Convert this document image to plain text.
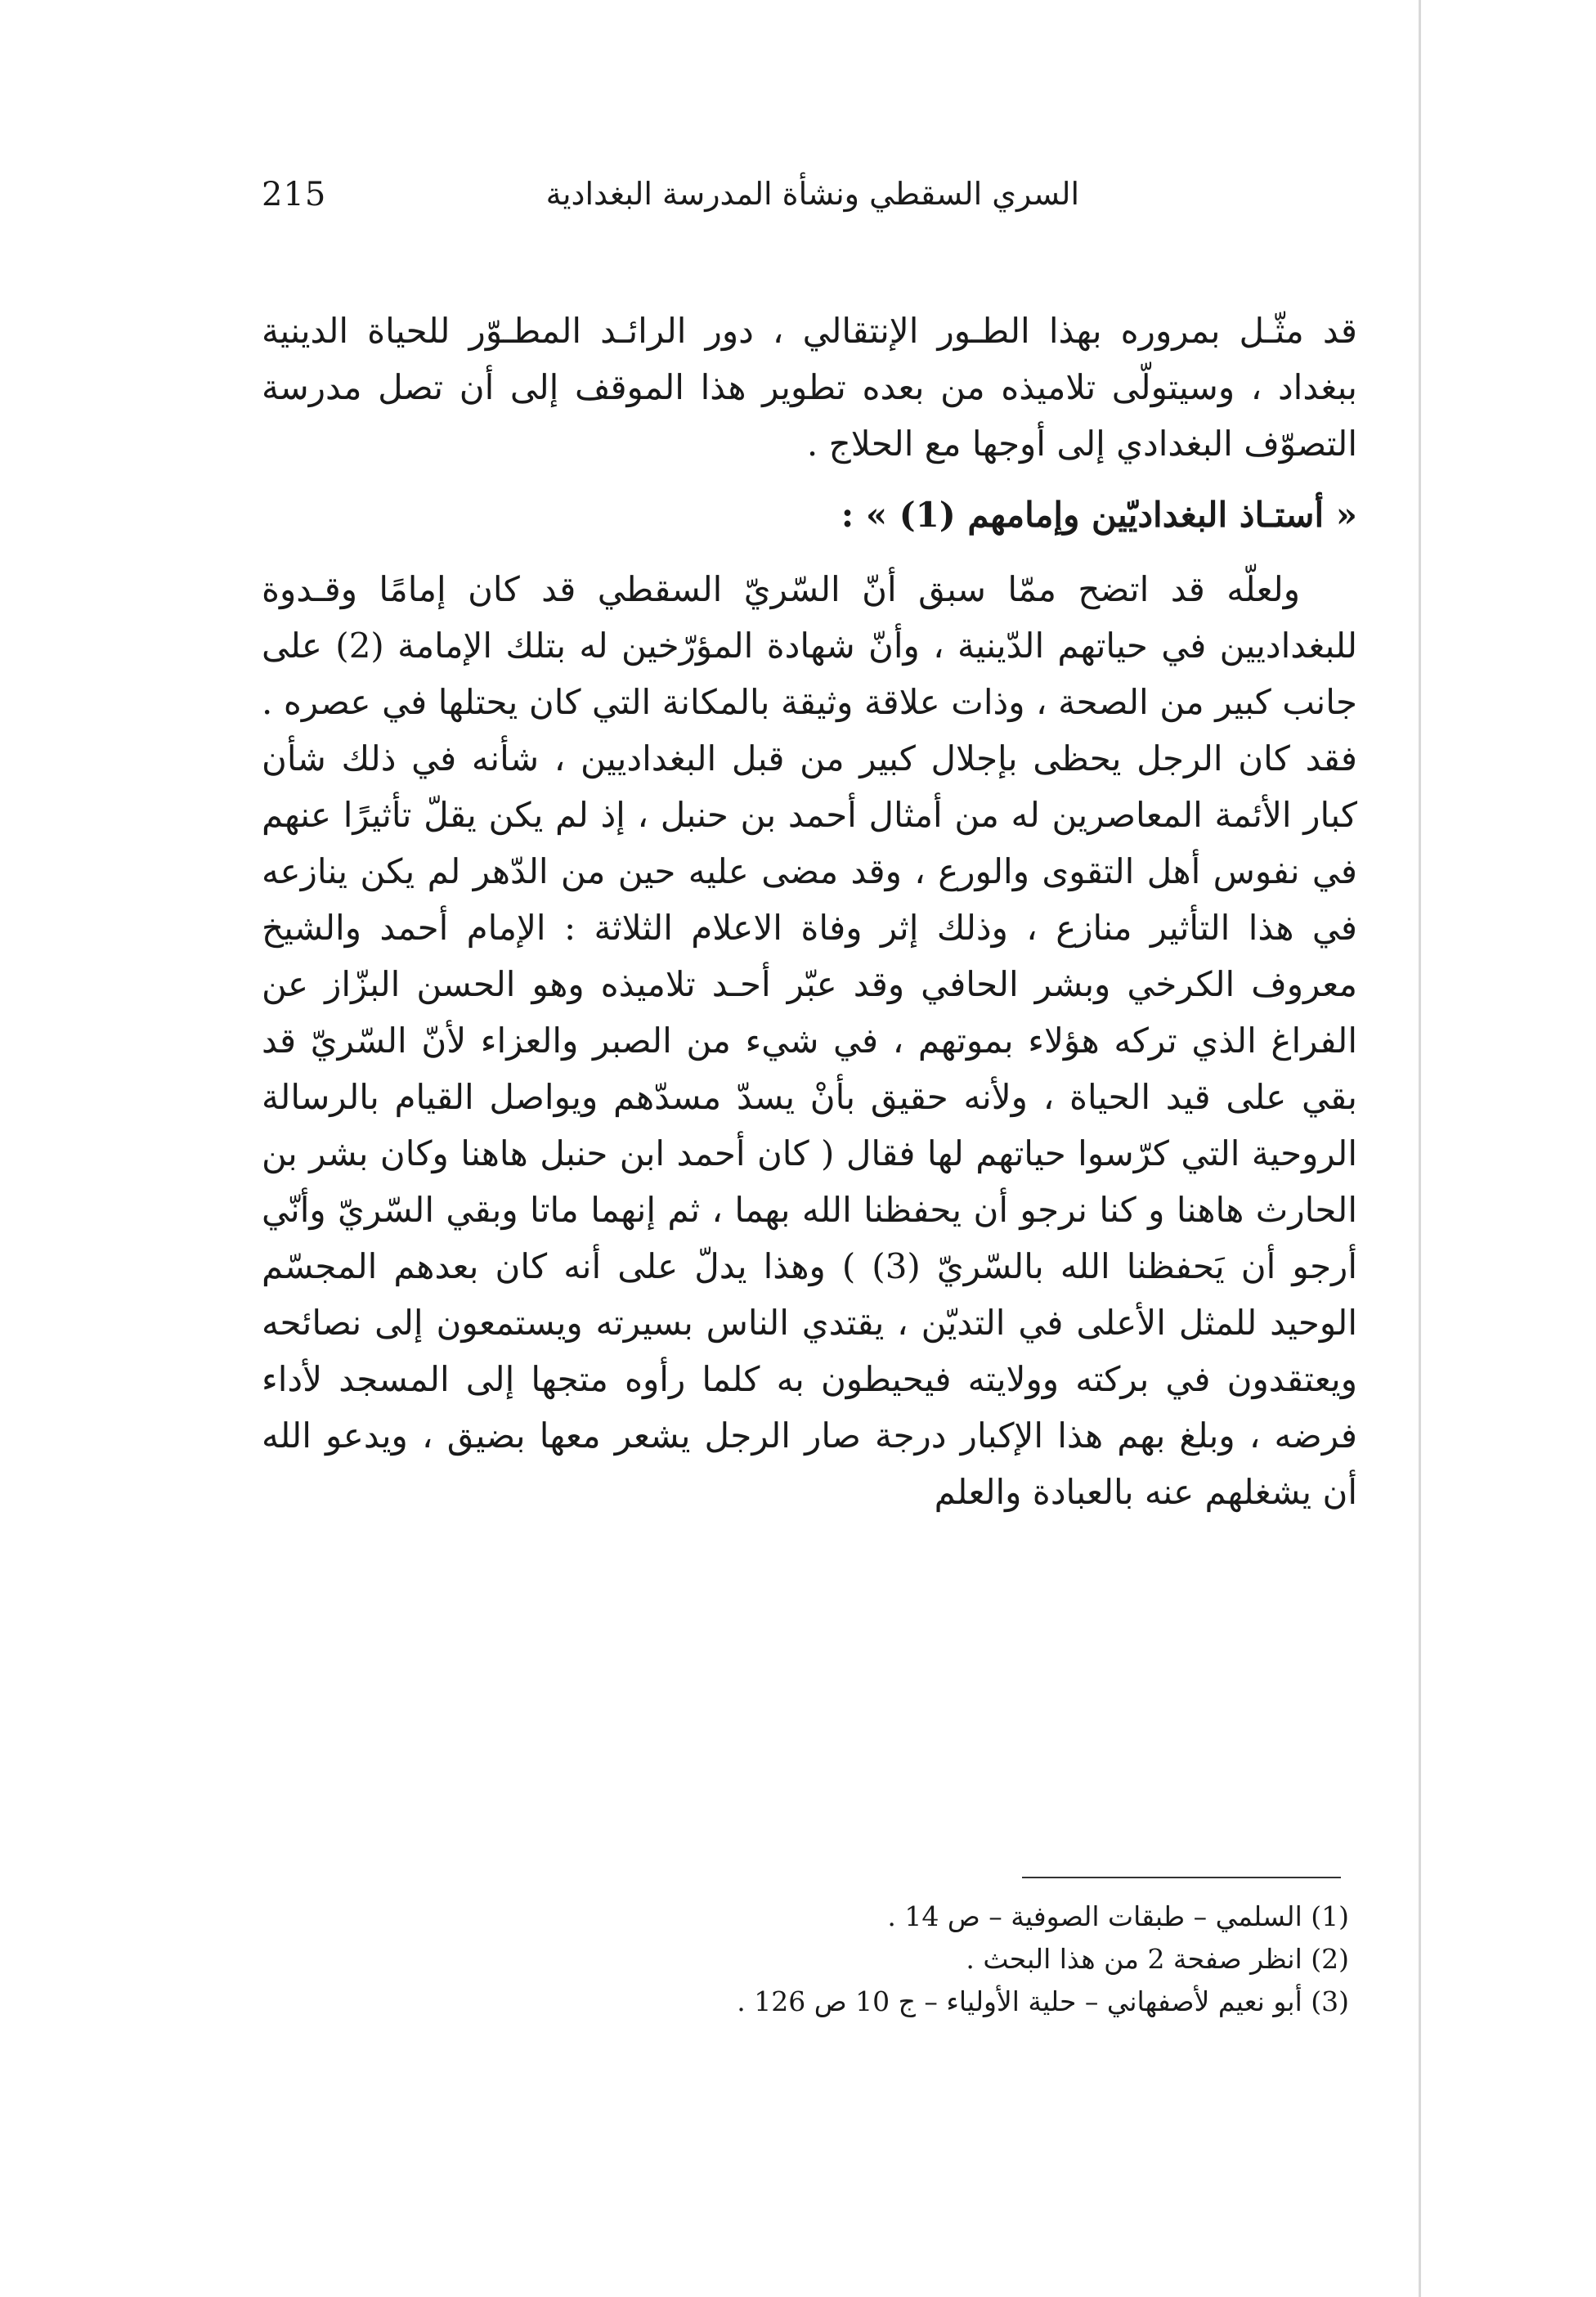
215	السري السقطي ونشأة المدرسة البغدادية

قد مثّـل بمروره بهذا الطـور الإنتقالي ، دور الرائـد المطـوّر للحياة الدينية ببغداد ، وسيتولّى تلاميذه من بعده تطوير هذا الموقف إلى أن تصل مدرسة التصوّف البغدادي إلى أوجها مع الحلاج .

« أستـاذ البغداديّين وإمامهم (1) » :

ولعلّه قد اتضح ممّا سبق أنّ السّريّ السقطي قد كان إمامًا وقـدوة للبغداديين في حياتهم الدّينية ، وأنّ شهادة المؤرّخين له بتلك الإمامة (2) على جانب كبير من الصحة ، وذات علاقة وثيقة بالمكانة التي كان يحتلها في عصره . فقد كان الرجل يحظى بإجلال كبير من قبل البغداديين ، شأنه في ذلك شأن كبار الأئمة المعاصرين له من أمثال أحمد بن حنبل ، إذ لم يكن يقلّ تأثيرًا عنهم في نفوس أهل التقوى والورع ، وقد مضى عليه حين من الدّهر لم يكن ينازعه في هذا التأثير منازع ، وذلك إثر وفاة الاعلام الثلاثة : الإمام أحمد والشيخ معروف الكرخي وبشر الحافي وقد عبّر أحـد تلاميذه وهو الحسن البزّاز عن الفراغ الذي تركه هؤلاء بموتهم ، في شيء من الصبر والعزاء لأنّ السّريّ قد بقي على قيد الحياة ، ولأنه حقيق بأنْ يسدّ مسدّهم ويواصل القيام بالرسالة الروحية التي كرّسوا حياتهم لها فقال ( كان أحمد ابن حنبل هاهنا وكان بشر بن الحارث هاهنا و كنا نرجو أن يحفظنا الله بهما ، ثم إنهما ماتا وبقي السّريّ وأنّي أرجو أن يَحفظنا الله بالسّريّ (3) ) وهذا يدلّ على أنه كان بعدهم المجسّم الوحيد للمثل الأعلى في التديّن ، يقتدي الناس بسيرته ويستمعون إلى نصائحه ويعتقدون في بركته وولايته فيحيطون به كلما رأوه متجها إلى المسجد لأداء فرضه ، وبلغ بهم هذا الإكبار درجة صار الرجل يشعر معها بضيق ، ويدعو الله أن يشغلهم عنه بالعبادة والعلم

(1) السلمي – طبقات الصوفية – ص 14 .
(2) انظر صفحة 2 من هذا البحث .
(3) أبو نعيم لأصفهاني – حلية الأولياء – ج 10 ص 126 .
